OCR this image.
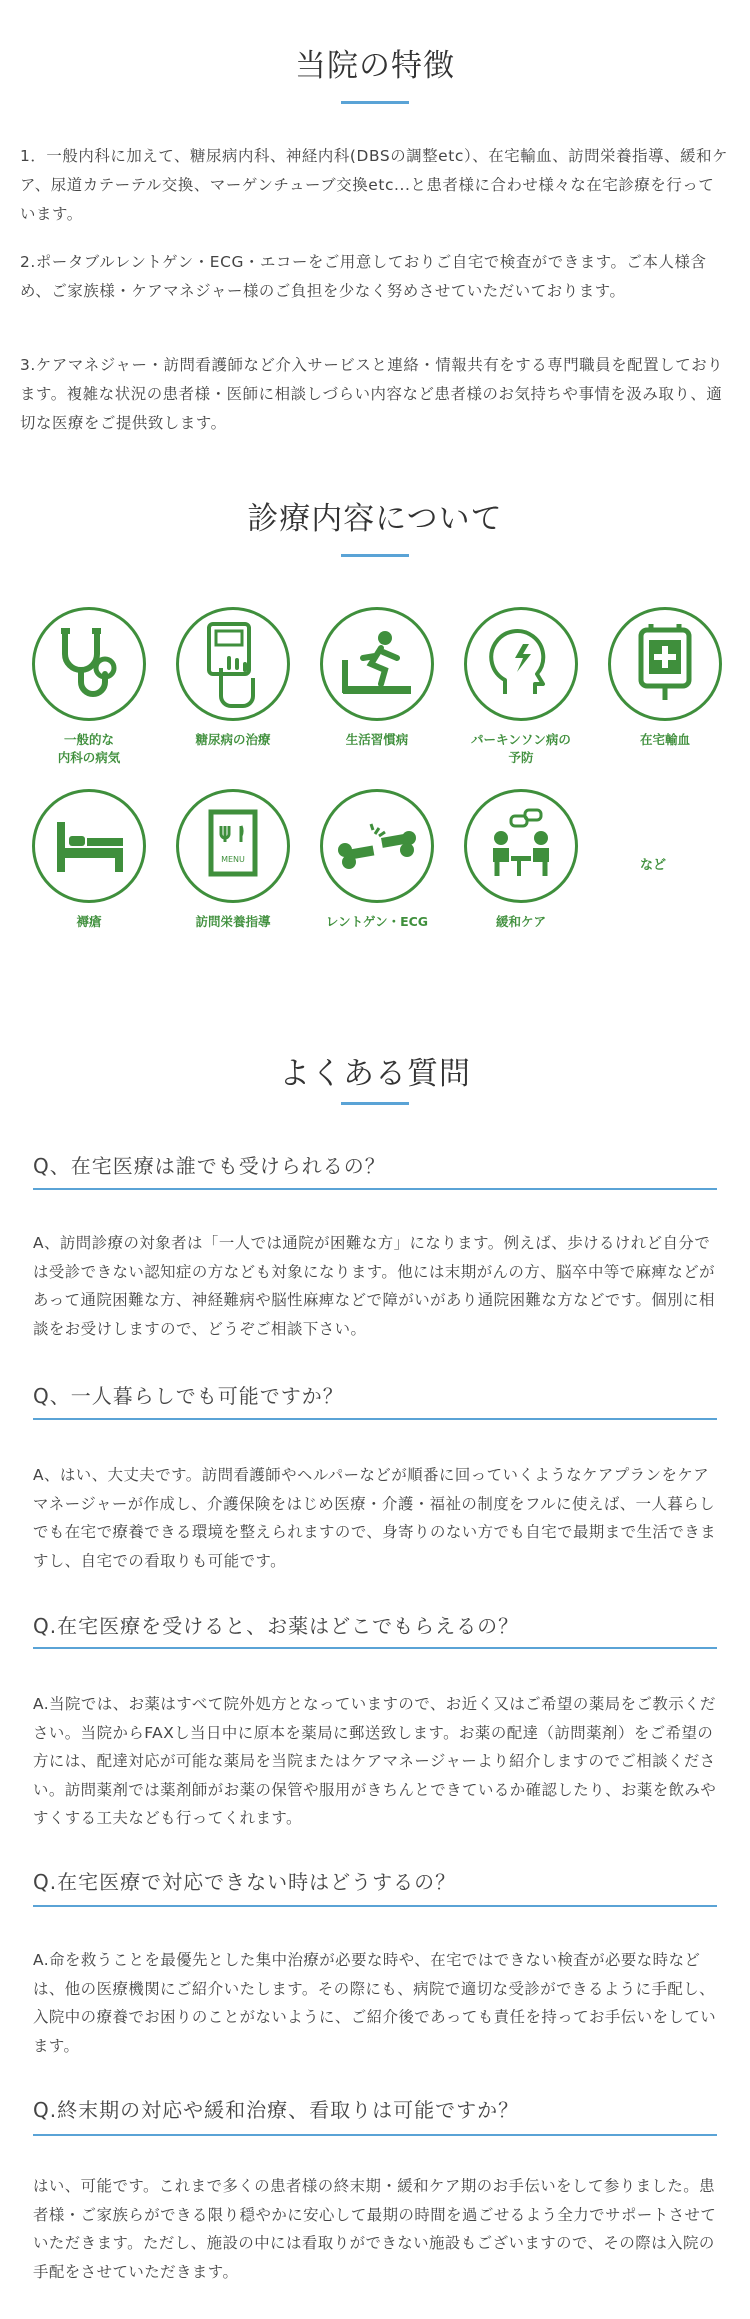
当院の特徴

1．一般内科に加えて、糖尿病内科、神経内科(DBSの調整etc）、在宅輸血、訪問栄養指導、緩和ケア、尿道カテーテル交換、マーゲンチューブ交換etc...と患者様に合わせ様々な在宅診療を行っています。

2.ポータブルレントゲン・ECG・エコーをご用意しておりご自宅で検査ができます。ご本人様含め、ご家族様・ケアマネジャー様のご負担を少なく努めさせていただいております。

3.ケアマネジャー・訪問看護師など介入サービスと連絡・情報共有をする専門職員を配置しております。複雑な状況の患者様・医師に相談しづらい内容など患者様のお気持ちや事情を汲み取り、適切な医療をご提供致します。

診療内容について
一般的な
内科の病気
糖尿病の治療	生活習慣病	パーキンソン病の
予防
在宅輸血
褥瘡
MENU
訪問栄養指導	レントゲン・ECG	緩和ケア
など
よくある質問
Q、在宅医療は誰でも受けられるの？

A、訪問診療の対象者は「一人では通院が困難な方」になります。例えば、歩けるけれど自分では受診できない認知症の方なども対象になります。他には末期がんの方、脳卒中等で麻痺などがあって通院困難な方、神経難病や脳性麻痺などで障がいがあり通院困難な方などです。個別に相談をお受けしますので、どうぞご相談下さい。

Q、一人暮らしでも可能ですか？

A、はい、大丈夫です。訪問看護師やヘルパーなどが順番に回っていくようなケアプランをケアマネージャーが作成し、介護保険をはじめ医療・介護・福祉の制度をフルに使えば、一人暮らしでも在宅で療養できる環境を整えられますので、身寄りのない方でも自宅で最期まで生活できますし、自宅での看取りも可能です。

Q.在宅医療を受けると、お薬はどこでもらえるの？

A.当院では、お薬はすべて院外処方となっていますので、お近く又はご希望の薬局をご教示ください。当院からFAXし当日中に原本を薬局に郵送致します。お薬の配達（訪問薬剤）をご希望の方には、配達対応が可能な薬局を当院またはケアマネージャーより紹介しますのでご相談ください。訪問薬剤では薬剤師がお薬の保管や服用がきちんとできているか確認したり、お薬を飲みやすくする工夫なども行ってくれます。

Q.在宅医療で対応できない時はどうするの？

A.命を救うことを最優先とした集中治療が必要な時や、在宅ではできない検査が必要な時などは、他の医療機関にご紹介いたします。その際にも、病院で適切な受診ができるように手配し、入院中の療養でお困りのことがないように、ご紹介後であっても責任を持ってお手伝いをしています。

Q.終末期の対応や緩和治療、看取りは可能ですか？

はい、可能です。これまで多くの患者様の終末期・緩和ケア期のお手伝いをして参りました。患者様・ご家族らができる限り穏やかに安心して最期の時間を過ごせるよう全力でサポートさせていただきます。ただし、施設の中には看取りができない施設もございますので、その際は入院の手配をさせていただきます。
